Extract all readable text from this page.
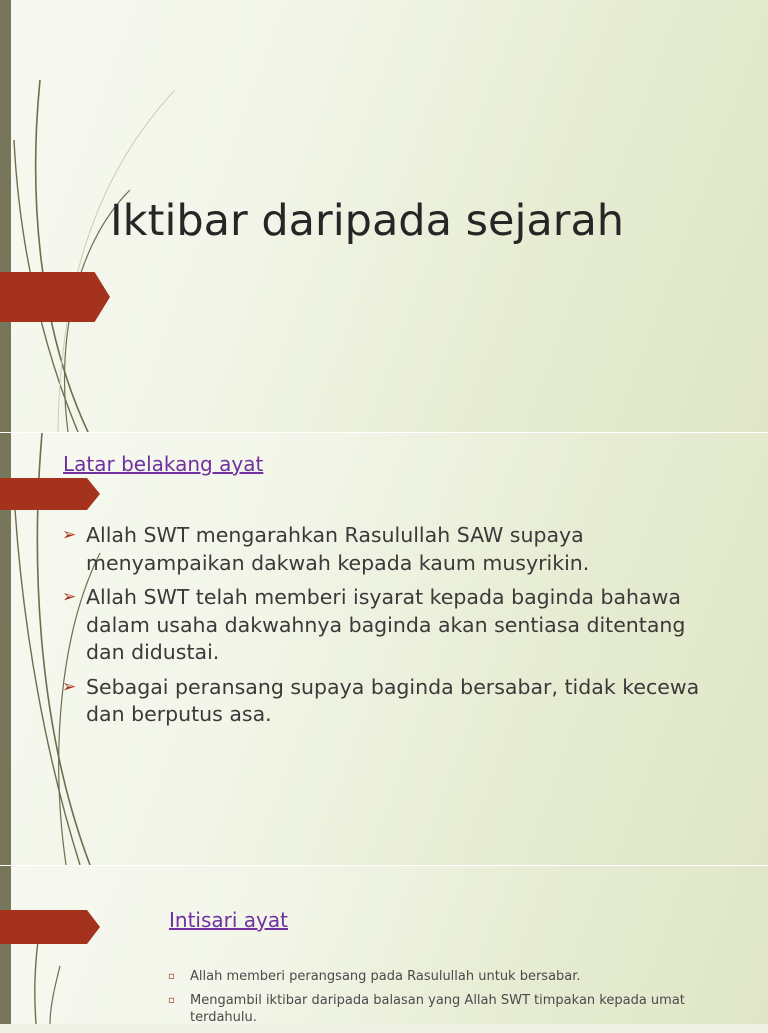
Iktibar daripada sejarah
Latar belakang ayat
➢ Allah SWT mengarahkan Rasulullah SAW supaya menyampaikan dakwah kepada kaum musyrikin.
➢ Allah SWT telah memberi isyarat kepada baginda bahawa dalam usaha dakwahnya baginda akan sentiasa ditentang dan didustai.
➢ Sebagai peransang supaya baginda bersabar, tidak kecewa dan berputus asa.
Intisari ayat
▫ Allah memberi perangsang pada Rasulullah untuk bersabar.
▫ Mengambil iktibar daripada balasan yang Allah SWT timpakan kepada umat terdahulu.
